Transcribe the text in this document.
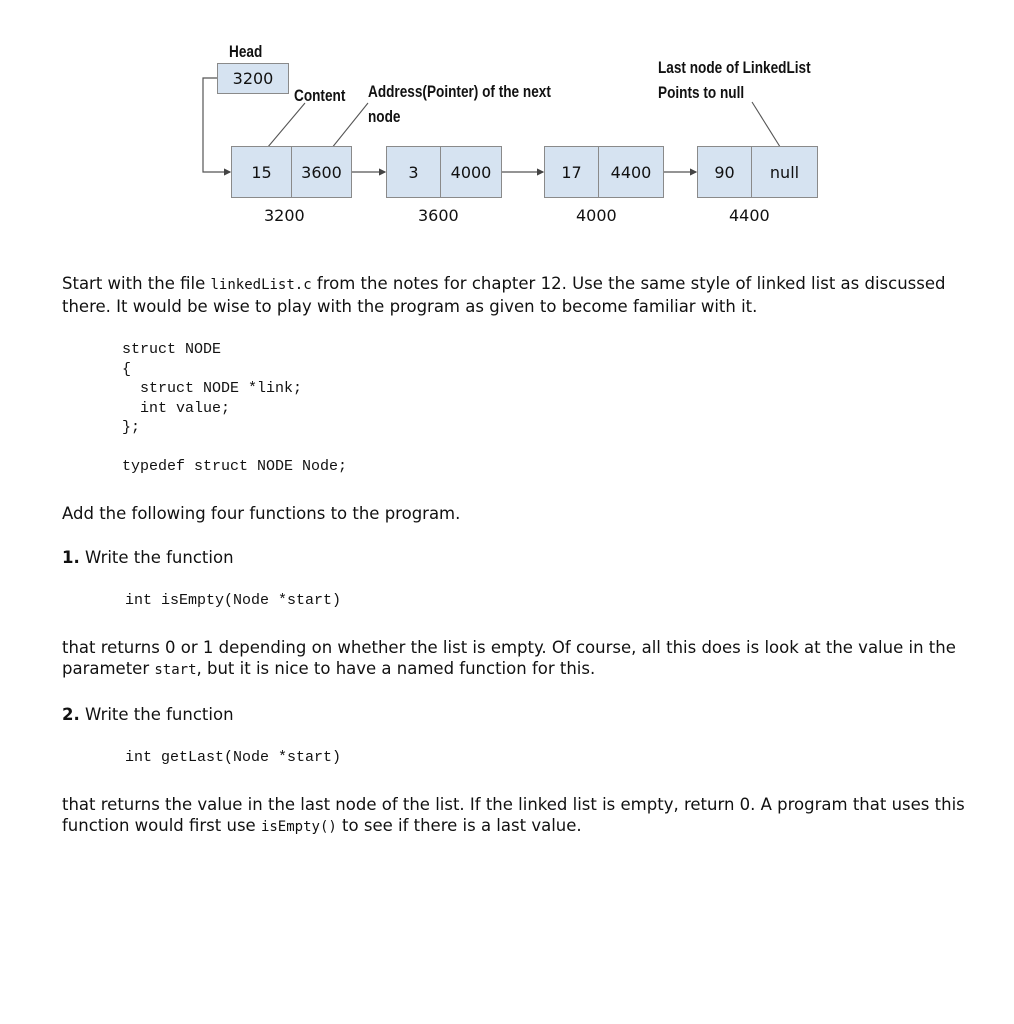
Head
3200
Content Address(Pointer) of the next
node
Last node of LinkedList
Points to null
15	3600
3200
3	4000
3600
17	4400
4000
90	null
4400
Start with the file linkedList.c from the notes for chapter 12. Use the same style of linked list as discussed there. It would be wise to play with the program as given to become familiar with it.
struct NODE
{
struct NODE *link;
int value;
};
typedef struct NODE Node;
Add the following four functions to the program.
1. Write the function
int isEmpty(Node *start)
that returns 0 or 1 depending on whether the list is empty. Of course, all this does is look at the value in the parameter start, but it is nice to have a named function for this.
2. Write the function
int getLast(Node *start)
that returns the value in the last node of the list. If the linked list is empty, return 0. A program that uses this function would first use isEmpty() to see if there is a last value.
